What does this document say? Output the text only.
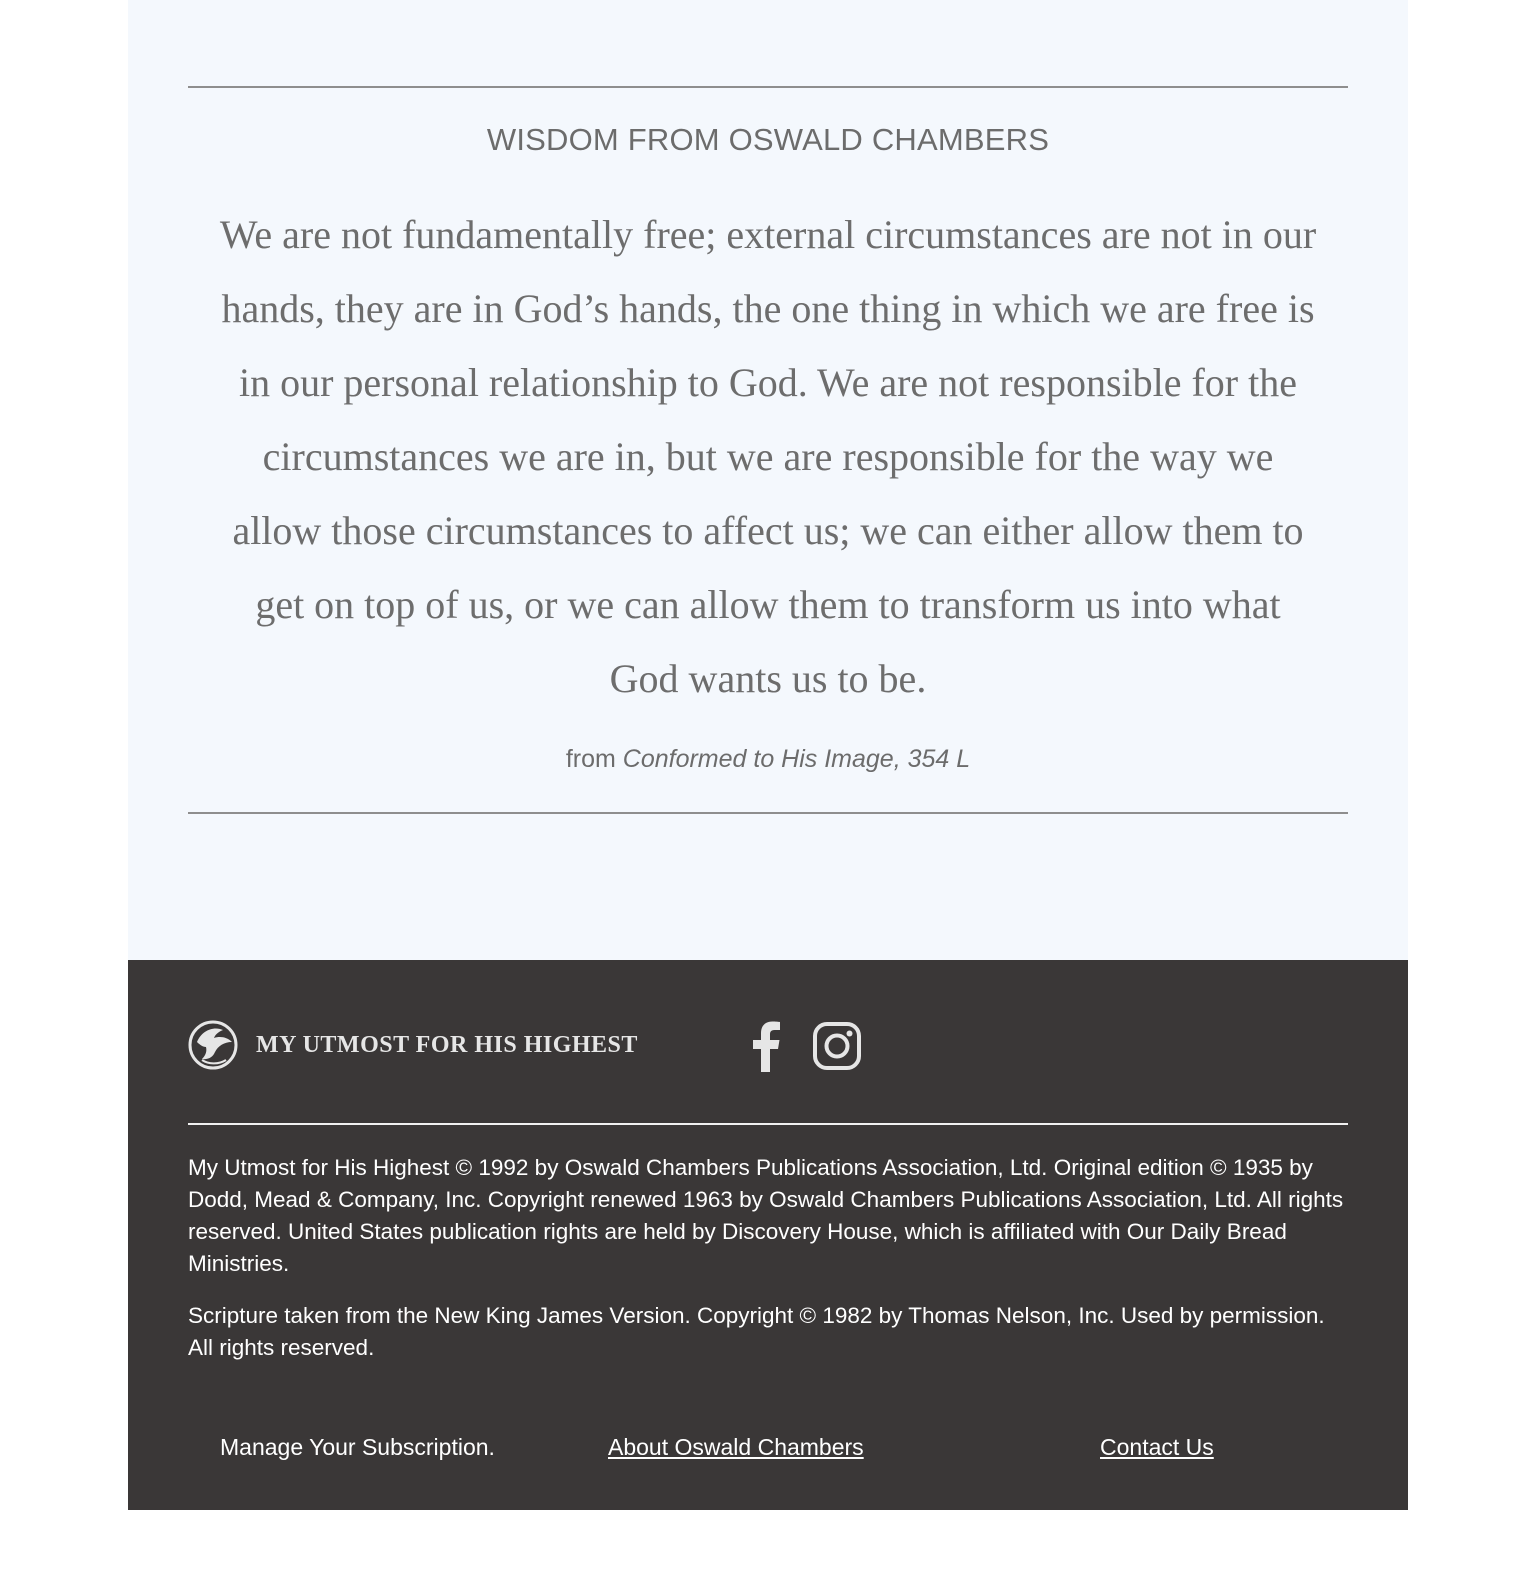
WISDOM FROM OSWALD CHAMBERS
We are not fundamentally free; external circumstances are not in our hands, they are in God’s hands, the one thing in which we are free is in our personal relationship to God. We are not responsible for the circumstances we are in, but we are responsible for the way we allow those circumstances to affect us; we can either allow them to get on top of us, or we can allow them to transform us into what God wants us to be.
from Conformed to His Image, 354 L
MY UTMOST FOR HIS HIGHEST

My Utmost for His Highest © 1992 by Oswald Chambers Publications Association, Ltd. Original edition © 1935 by Dodd, Mead & Company, Inc. Copyright renewed 1963 by Oswald Chambers Publications Association, Ltd. All rights reserved. United States publication rights are held by Discovery House, which is affiliated with Our Daily Bread Ministries.

Scripture taken from the New King James Version. Copyright © 1982 by Thomas Nelson, Inc. Used by permission. All rights reserved.

Manage Your Subscription.	About Oswald Chambers	Contact Us
